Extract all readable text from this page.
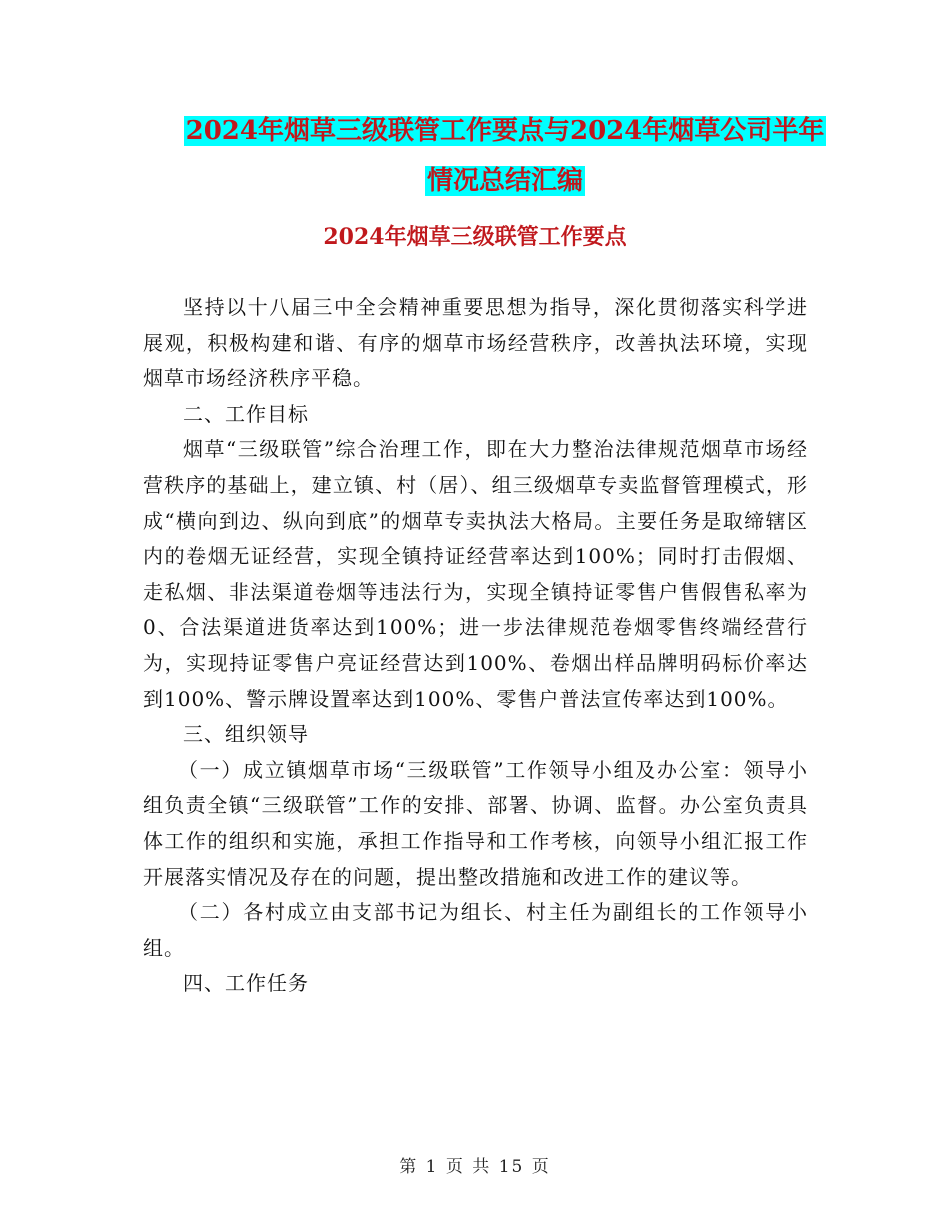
2024年烟草三级联管工作要点与2024年烟草公司半年
情况总结汇编
2024年烟草三级联管工作要点

坚持以十八届三中全会精神重要思想为指导，深化贯彻落实科学进展观，积极构建和谐、有序的烟草市场经营秩序，改善执法环境，实现烟草市场经济秩序平稳。

二、工作目标

烟草“三级联管”综合治理工作，即在大力整治法律规范烟草市场经营秩序的基础上，建立镇、村（居）、组三级烟草专卖监督管理模式，形成“横向到边、纵向到底”的烟草专卖执法大格局。主要任务是取缔辖区内的卷烟无证经营，实现全镇持证经营率达到100%；同时打击假烟、走私烟、非法渠道卷烟等违法行为，实现全镇持证零售户售假售私率为0、合法渠道进货率达到100%；进一步法律规范卷烟零售终端经营行为，实现持证零售户亮证经营达到100%、卷烟出样品牌明码标价率达到100%、警示牌设置率达到100%、零售户普法宣传率达到100%。

三、组织领导

（一）成立镇烟草市场“三级联管”工作领导小组及办公室：领导小组负责全镇“三级联管”工作的安排、部署、协调、监督。办公室负责具体工作的组织和实施，承担工作指导和工作考核，向领导小组汇报工作开展落实情况及存在的问题，提出整改措施和改进工作的建议等。

（二）各村成立由支部书记为组长、村主任为副组长的工作领导小组。

四、工作任务

第 1 页 共 15 页
